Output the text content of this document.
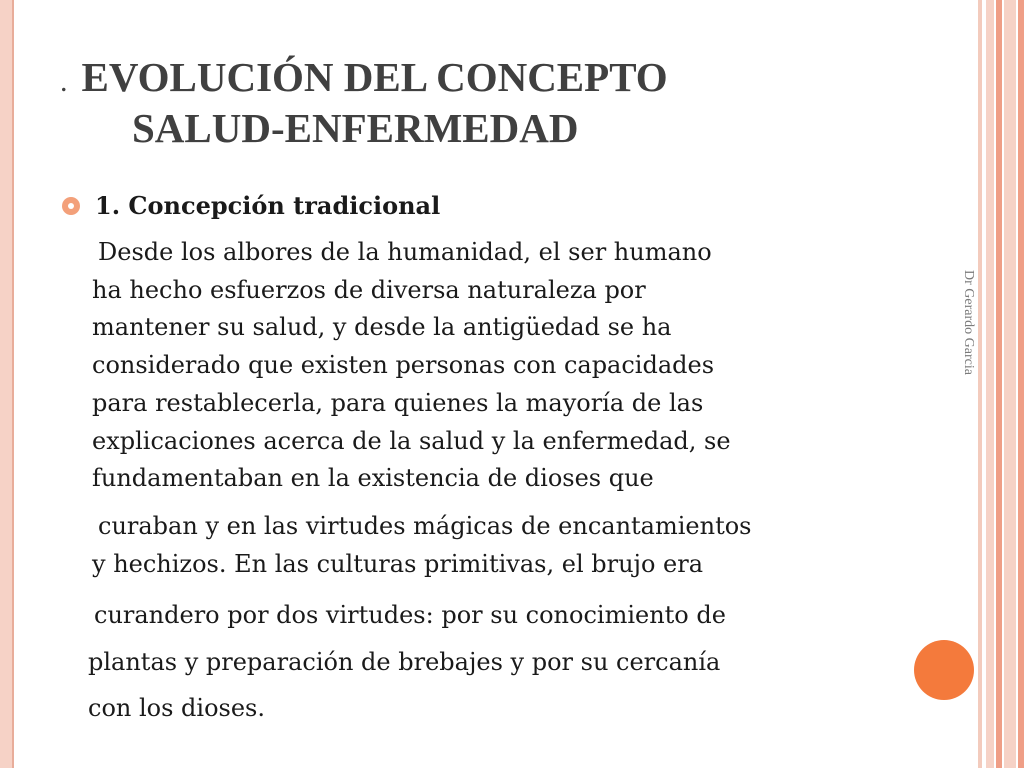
. EVOLUCIÓN DEL CONCEPTO
SALUD-ENFERMEDAD

1. Concepción tradicional

Desde los albores de la humanidad, el ser humano
ha hecho esfuerzos de diversa naturaleza por
mantener su salud, y desde la antigüedad se ha
considerado que existen personas con capacidades
para restablecerla, para quienes la mayoría de las
explicaciones acerca de la salud y la enfermedad, se
fundamentaban en la existencia de dioses que

curaban y en las virtudes mágicas de encantamientos
y hechizos. En las culturas primitivas, el brujo era

curandero por dos virtudes: por su conocimiento de
plantas y preparación de brebajes y por su cercanía
con los dioses.

Dr Gerardo Garcia
